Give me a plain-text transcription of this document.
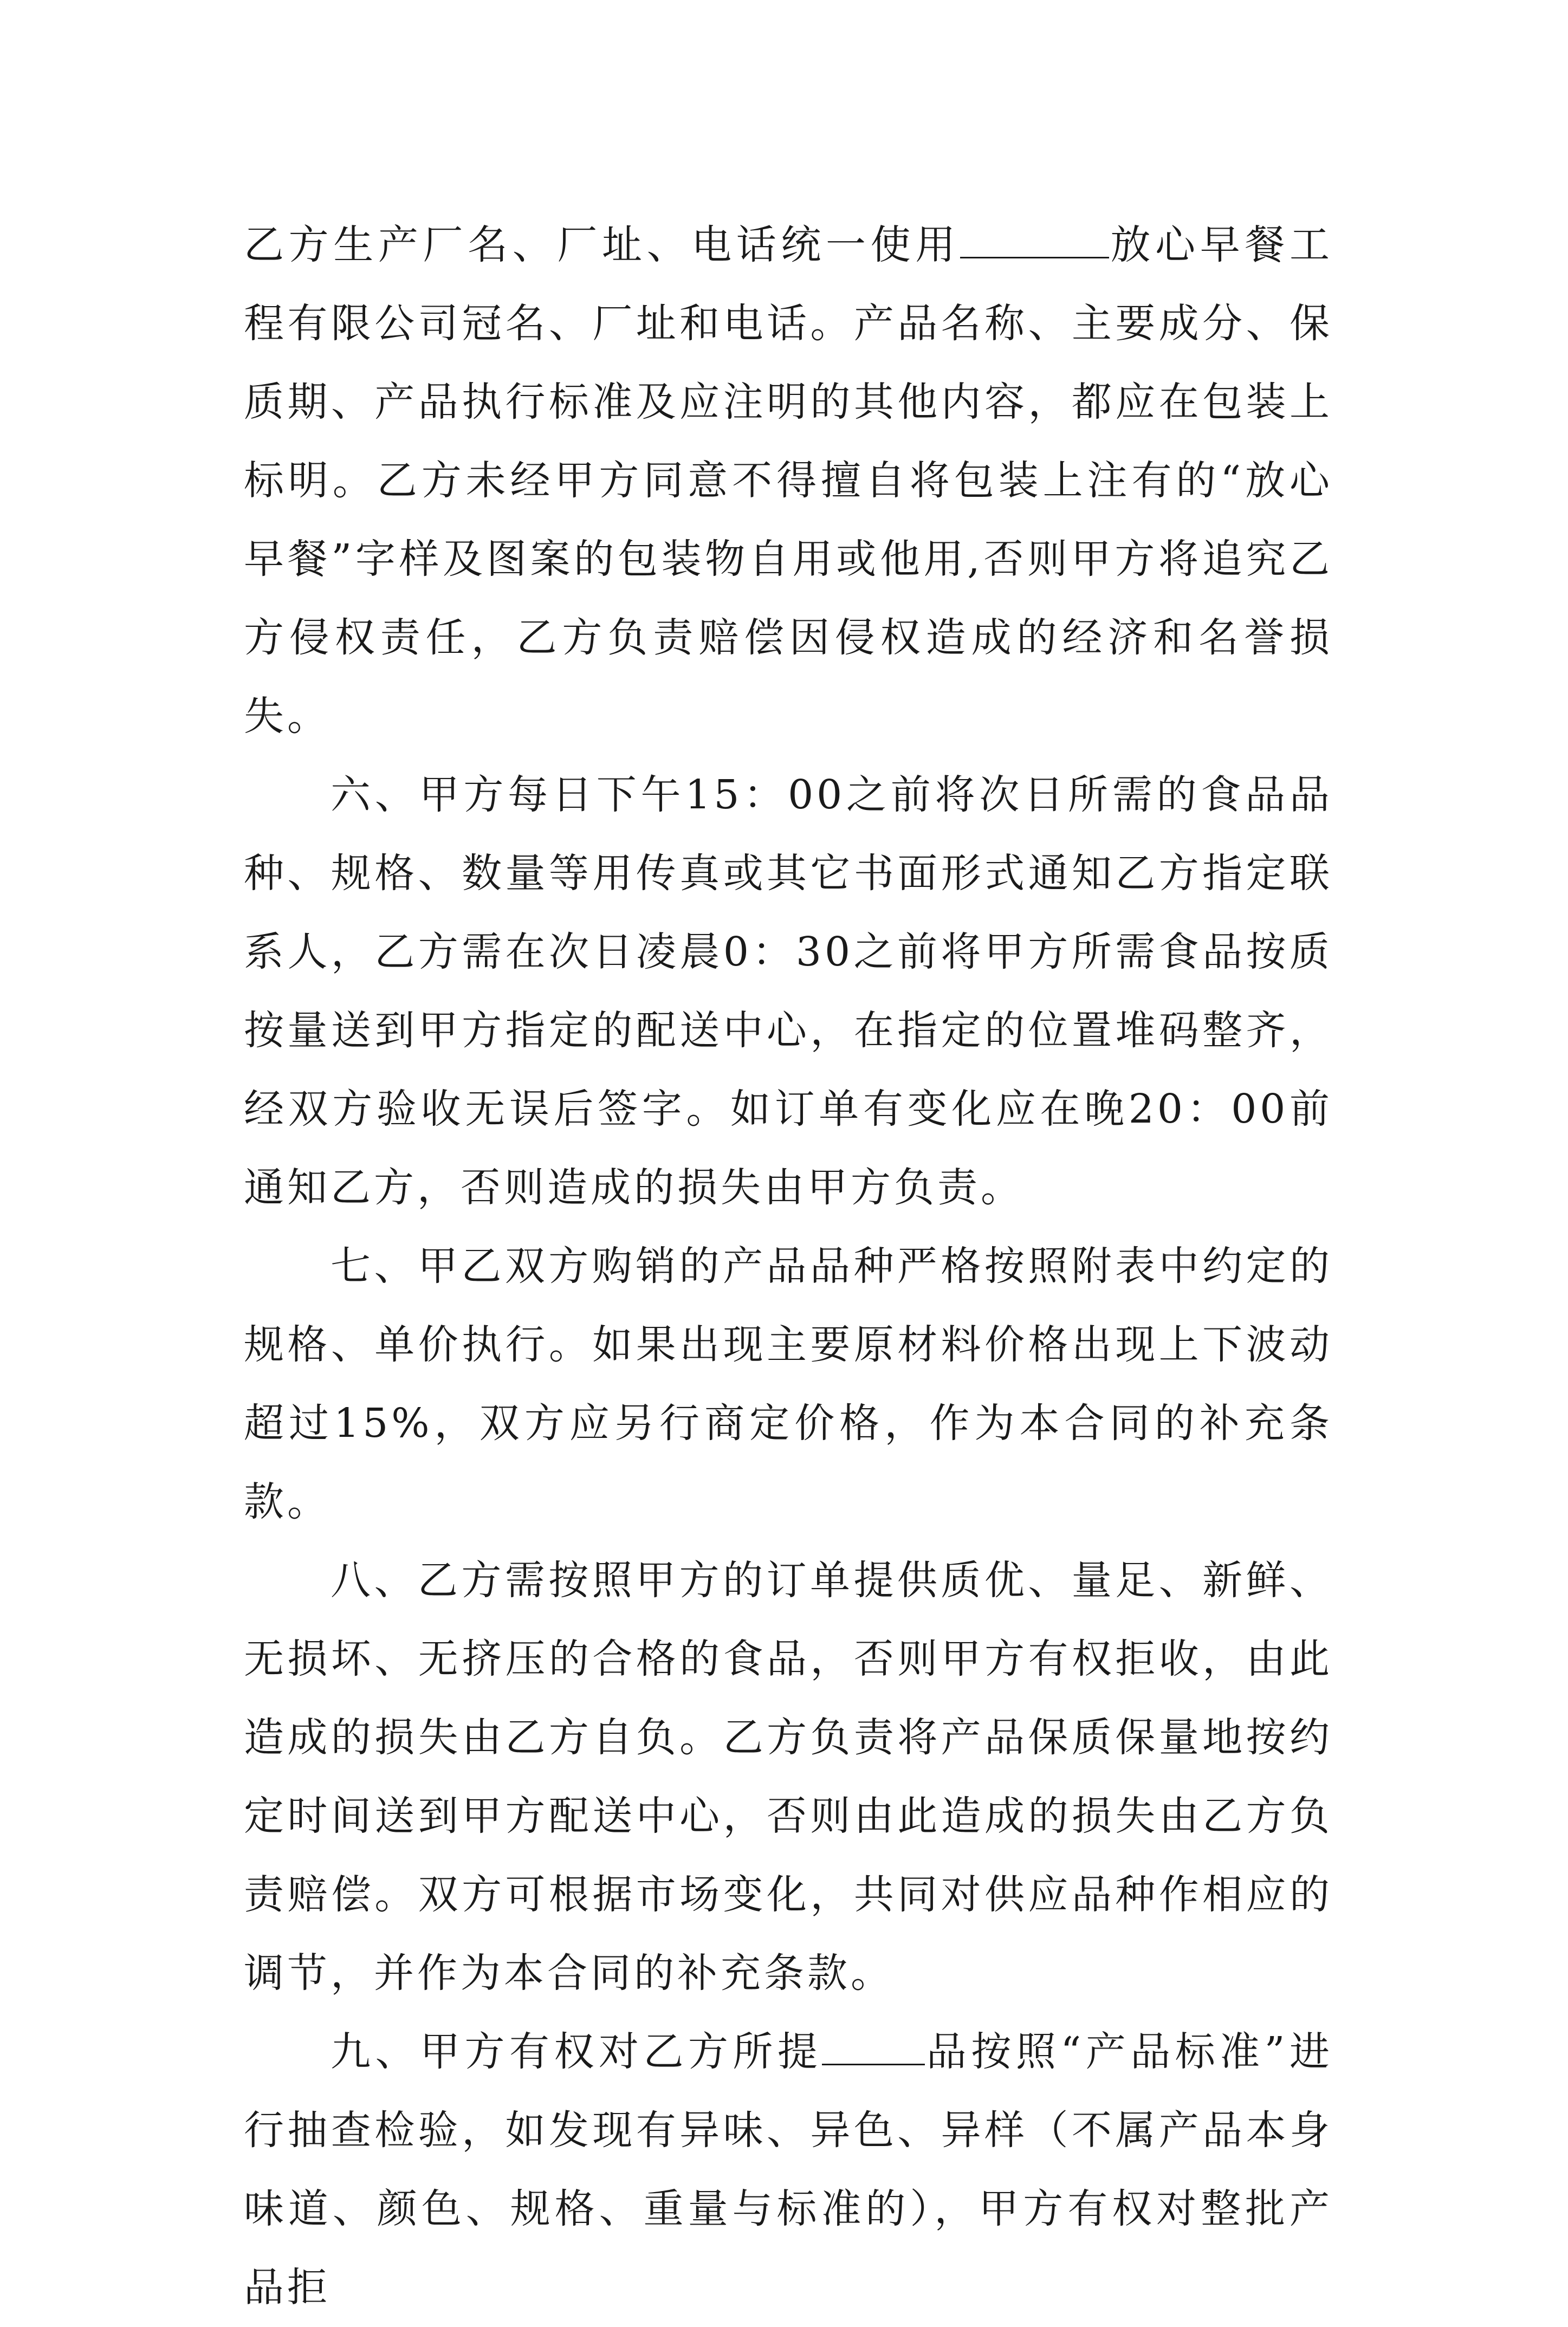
乙方生产厂名、厂址、电话统一使用	放心早餐工程有限公司冠名、厂址和电话。产品名称、主要成分、保质期、产品执行标准及应注明的其他内容，都应在包装上标明。乙方未经甲方同意不得擅自将包装上注有的“放心早餐”字样及图案的包装物自用或他用,否则甲方将追究乙方侵权责任，乙方负责赔偿因侵权造成的经济和名誉损失。

六、甲方每日下午15：00之前将次日所需的食品品种、规格、数量等用传真或其它书面形式通知乙方指定联系人，乙方需在次日凌晨0：30之前将甲方所需食品按质按量送到甲方指定的配送中心，在指定的位置堆码整齐，经双方验收无误后签字。如订单有变化应在晚20：00前通知乙方，否则造成的损失由甲方负责。

七、甲乙双方购销的产品品种严格按照附表中约定的规格、单价执行。如果出现主要原材料价格出现上下波动超过15%，双方应另行商定价格，作为本合同的补充条款。

八、乙方需按照甲方的订单提供质优、量足、新鲜、无损坏、无挤压的合格的食品，否则甲方有权拒收，由此造成的损失由乙方自负。乙方负责将产品保质保量地按约定时间送到甲方配送中心，否则由此造成的损失由乙方负责赔偿。双方可根据市场变化，共同对供应品种作相应的调节，并作为本合同的补充条款。

九、甲方有权对乙方所提	品按照“产品标准”进行抽查检验，如发现有异味、异色、异样（不属产品本身味道、颜色、规格、重量与标准的），甲方有权对整批产品拒
